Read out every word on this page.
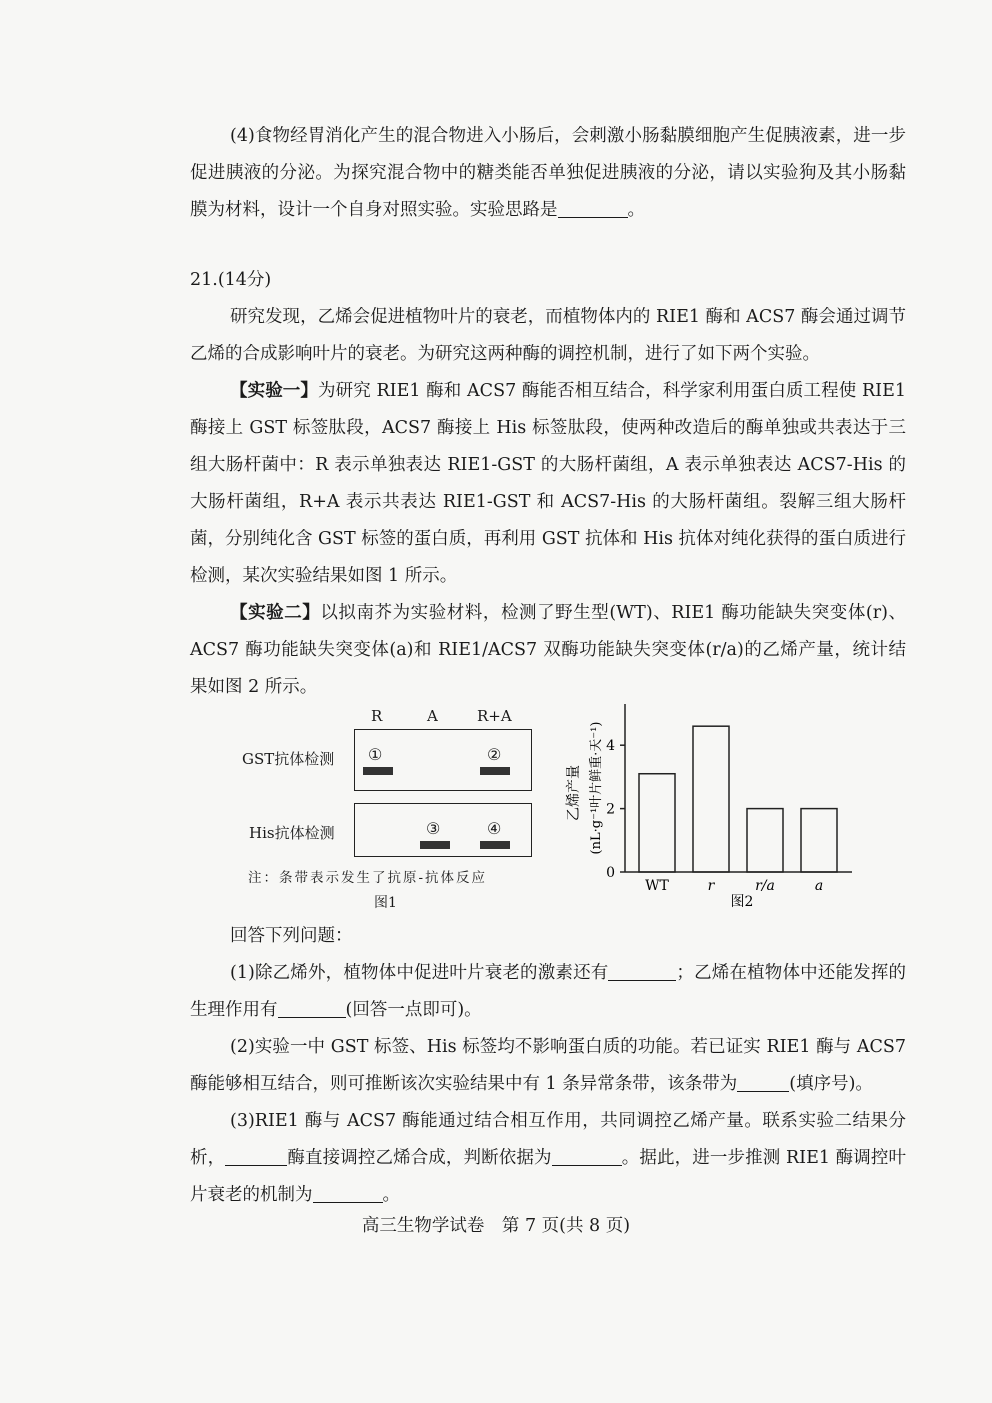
(4)食物经胃消化产生的混合物进入小肠后，会刺激小肠黏膜细胞产生促胰液素，进一步促进胰液的分泌。为探究混合物中的糖类能否单独促进胰液的分泌，请以实验狗及其小肠黏膜为材料，设计一个自身对照实验。实验思路是	。

21.(14分)

研究发现，乙烯会促进植物叶片的衰老，而植物体内的 RIE1 酶和 ACS7 酶会通过调节乙烯的合成影响叶片的衰老。为研究这两种酶的调控机制，进行了如下两个实验。

【实验一】为研究 RIE1 酶和 ACS7 酶能否相互结合，科学家利用蛋白质工程使 RIE1 酶接上 GST 标签肽段，ACS7 酶接上 His 标签肽段，使两种改造后的酶单独或共表达于三组大肠杆菌中：R 表示单独表达 RIE1-GST 的大肠杆菌组，A 表示单独表达 ACS7-His 的大肠杆菌组，R+A 表示共表达 RIE1-GST 和 ACS7-His 的大肠杆菌组。裂解三组大肠杆菌，分别纯化含 GST 标签的蛋白质，再利用 GST 抗体和 His 抗体对纯化获得的蛋白质进行检测，某次实验结果如图 1 所示。

【实验二】以拟南芥为实验材料，检测了野生型(WT)、RIE1 酶功能缺失突变体(r)、ACS7 酶功能缺失突变体(a)和 RIE1/ACS7 双酶功能缺失突变体(r/a)的乙烯产量，统计结果如图 2 所示。

R	A	R+A
GST抗体检测 ①	②
His抗体检测	③	④
注：条带表示发生了抗原-抗体反应
图1
乙烯产量 (nL·g⁻¹叶片鲜重·天⁻¹)
0
2
4
WT	r	r/a	a
图2

回答下列问题：

(1)除乙烯外，植物体中促进叶片衰老的激素还有	；乙烯在植物体中还能发挥的生理作用有	(回答一点即可)。

(2)实验一中 GST 标签、His 标签均不影响蛋白质的功能。若已证实 RIE1 酶与 ACS7 酶能够相互结合，则可推断该次实验结果中有 1 条异常条带，该条带为	(填序号)。

(3)RIE1 酶与 ACS7 酶能通过结合相互作用，共同调控乙烯产量。联系实验二结果分析，	酶直接调控乙烯合成，判断依据为	。据此，进一步推测 RIE1 酶调控叶片衰老的机制为	。

高三生物学试卷　第 7 页(共 8 页)
